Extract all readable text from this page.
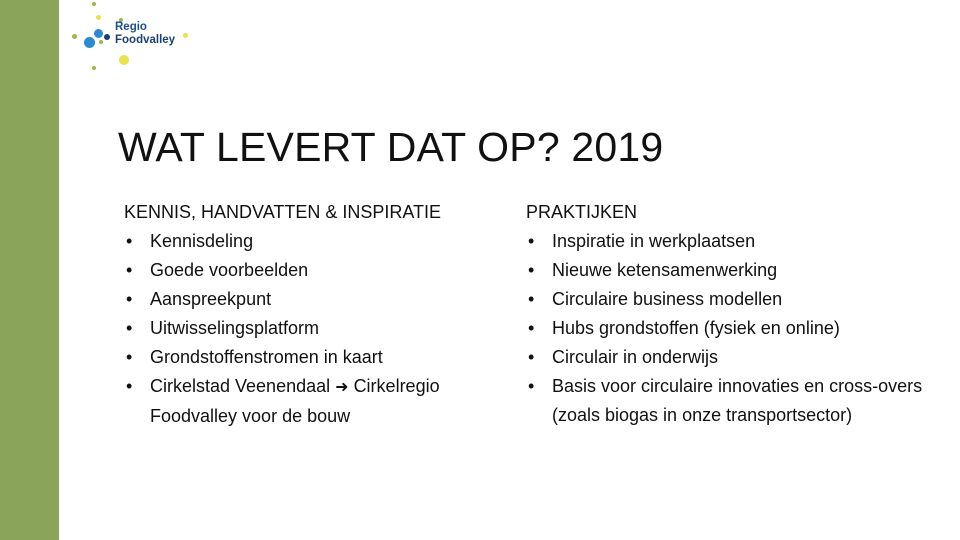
Regio
Foodvalley
WAT LEVERT DAT OP? 2019
KENNIS, HANDVATTEN & INSPIRATIE
• Kennisdeling
• Goede voorbeelden
• Aanspreekpunt
• Uitwisselingsplatform
• Grondstoffenstromen in kaart
• Cirkelstad Veenendaal ➜ Cirkelregio Foodvalley voor de bouw
PRAKTIJKEN
• Inspiratie in werkplaatsen
• Nieuwe ketensamenwerking
• Circulaire business modellen
• Hubs grondstoffen (fysiek en online)
• Circulair in onderwijs
• Basis voor circulaire innovaties en cross-overs (zoals biogas in onze transportsector)
